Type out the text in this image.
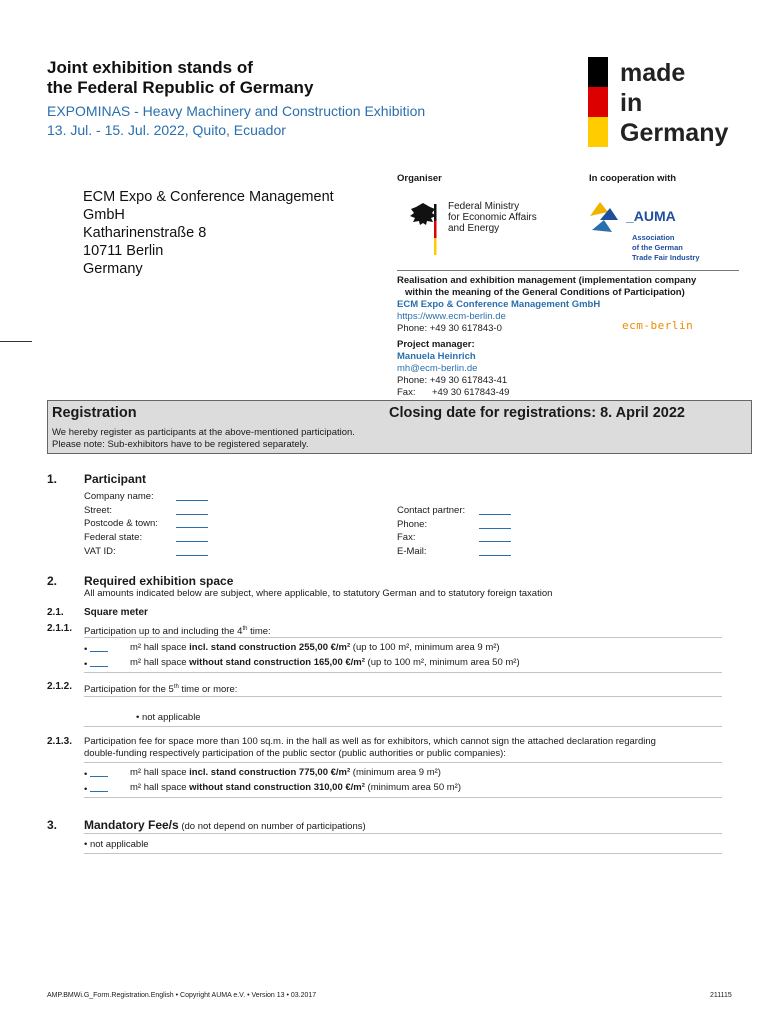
Joint exhibition stands of
the Federal Republic of Germany
EXPOMINAS - Heavy Machinery and Construction Exhibition
13. Jul. - 15. Jul. 2022, Quito, Ecuador
made
in
Germany
Organiser	In cooperation with
ECM Expo & Conference Management
GmbH
Katharinenstraße 8
10711 Berlin
Germany
Federal Ministry
for Economic Affairs
and Energy
_AUMA
Association
of the German
Trade Fair Industry
Realisation and exhibition management (implementation company
within the meaning of the General Conditions of Participation)
ECM Expo & Conference Management GmbH
https://www.ecm-berlin.de
Phone: +49 30 617843-0	ecm-berlin
Project manager:
Manuela Heinrich
mh@ecm-berlin.de
Phone: +49 30 617843-41
Fax: +49 30 617843-49
Registration	Closing date for registrations: 8. April 2022
We hereby register as participants at the above-mentioned participation.
Please note: Sub-exhibitors have to be registered separately.
1. Participant
Company name:
Street:
Postcode & town:
Federal state:
VAT ID:
Contact partner:
Phone:
Fax:
E-Mail:
2. Required exhibition space
All amounts indicated below are subject, where applicable, to statutory German and to statutory foreign taxation
2.1. Square meter
2.1.1. Participation up to and including the 4th time:
•	m² hall space incl. stand construction 255,00 €/m² (up to 100 m², minimum area 9 m²)
•	m² hall space without stand construction 165,00 €/m² (up to 100 m², minimum area 50 m²)
2.1.2. Participation for the 5th time or more:
• not applicable
2.1.3. Participation fee for space more than 100 sq.m. in the hall as well as for exhibitors, which cannot sign the attached declaration regarding
double-funding respectively participation of the public sector (public authorities or public companies):
•	m² hall space incl. stand construction 775,00 €/m² (minimum area 9 m²)
•	m² hall space without stand construction 310,00 €/m² (minimum area 50 m²)
3. Mandatory Fee/s (do not depend on number of participations)
• not applicable
AMP.BMWi.G_Form.Registration.English • Copyright AUMA e.V. • Version 13 • 03.2017	211115
